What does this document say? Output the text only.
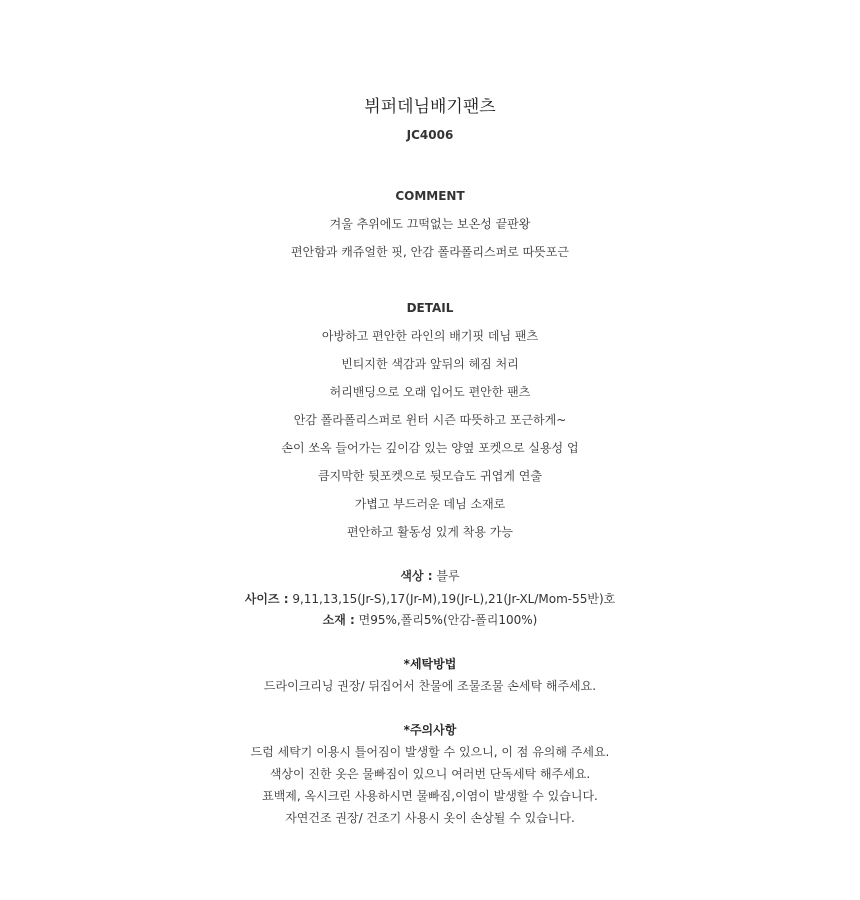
뷔퍼데님배기팬츠
JC4006
COMMENT
겨울 추위에도 끄떡없는 보온성 끝판왕
편안함과 캐쥬얼한 핏, 안감 폴라폴리스퍼로 따뜻포근
DETAIL
아방하고 편안한 라인의 배기핏 데님 팬츠
빈티지한 색감과 앞뒤의 헤짐 처리
허리밴딩으로 오래 입어도 편안한 팬츠
안감 폴라폴리스퍼로 윈터 시즌 따뜻하고 포근하게~
손이 쏘옥 들어가는 깊이감 있는 양옆 포켓으로 실용성 업
큼지막한 뒷포켓으로 뒷모습도 귀엽게 연출
가볍고 부드러운 데님 소재로
편안하고 활동성 있게 착용 가능
색상 : 블루
사이즈 : 9,11,13,15(Jr-S),17(Jr-M),19(Jr-L),21(Jr-XL/Mom-55반)호
소재 : 면95%,폴리5%(안감-폴리100%)
*세탁방법
드라이크리닝 권장/ 뒤집어서 찬물에 조물조물 손세탁 해주세요.
*주의사항
드럼 세탁기 이용시 틀어짐이 발생할 수 있으니, 이 점 유의해 주세요.
색상이 진한 옷은 물빠짐이 있으니 여러번 단독세탁 해주세요.
표백제, 옥시크린 사용하시면 물빠짐,이염이 발생할 수 있습니다.
자연건조 권장/ 건조기 사용시 옷이 손상될 수 있습니다.
